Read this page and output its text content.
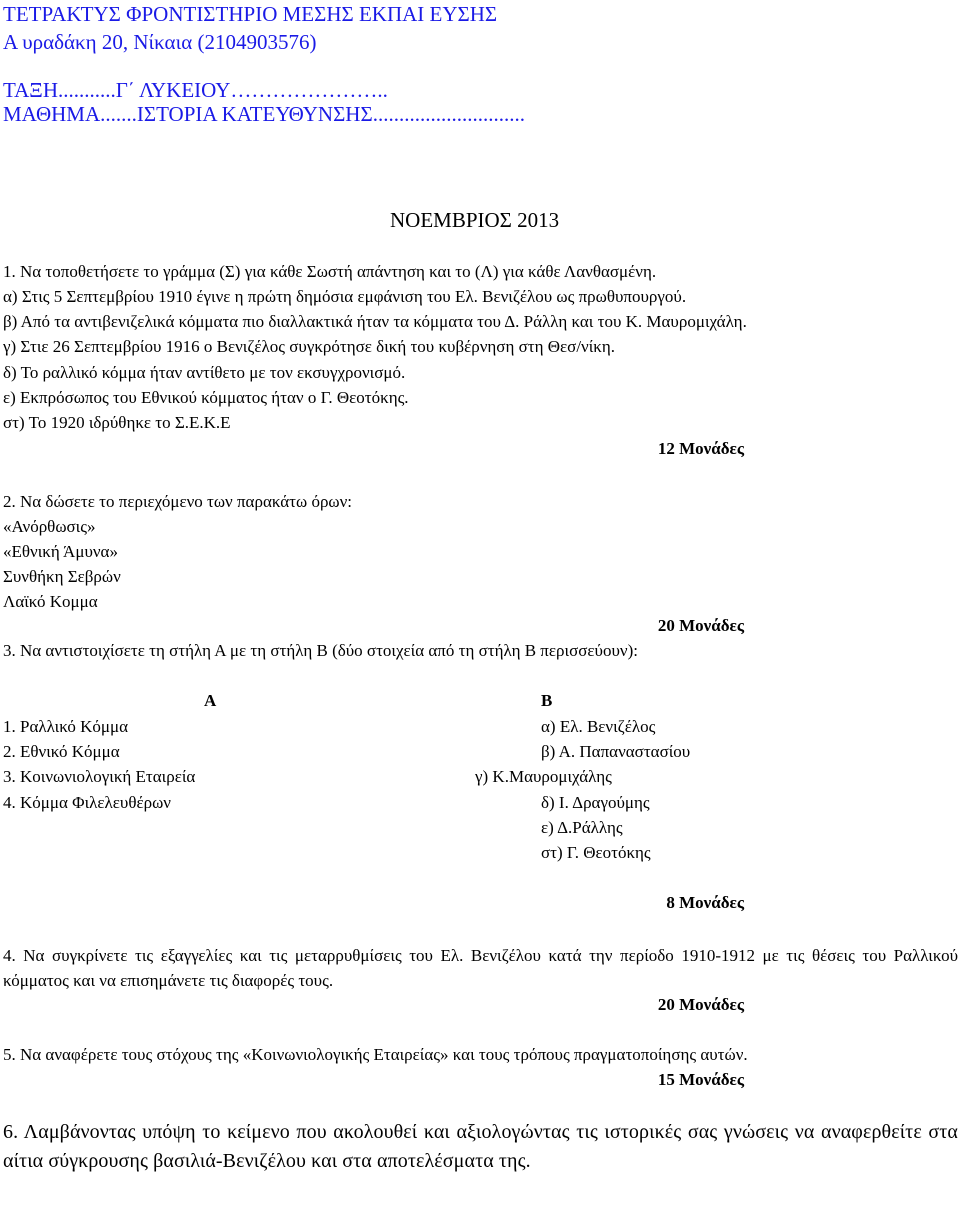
ΤΕΤΡΑΚΤΥΣ ΦΡΟΝΤΙΣΤΗΡΙΟ ΜΕΣΗΣ ΕΚΠΑΙ ΕΥΣΗΣ
Α υραδάκη 20, Νίκαια (2104903576)
ΤΑΞΗ...........Γ΄ ΛΥΚΕΙΟΥ…………………..
ΜΑΘΗΜΑ.......ΙΣΤΟΡΙΑ ΚΑΤΕΥΘΥΝΣΗΣ.............................
ΝΟΕΜΒΡΙΟΣ 2013
1. Να τοποθετήσετε το γράμμα (Σ) για κάθε Σωστή απάντηση και το (Λ) για κάθε Λανθασμένη.
α) Στις 5 Σεπτεμβρίου 1910 έγινε η πρώτη δημόσια εμφάνιση του Ελ. Βενιζέλου ως πρωθυπουργού.
β) Από τα αντιβενιζελικά κόμματα πιο διαλλακτικά ήταν τα κόμματα του Δ. Ράλλη και του Κ. Μαυρομιχάλη.
γ) Στιε 26 Σεπτεμβρίου 1916 ο Βενιζέλος συγκρότησε δική του κυβέρνηση στη Θεσ/νίκη.
δ) Το ραλλικό κόμμα ήταν αντίθετο με τον εκσυγχρονισμό.
ε) Εκπρόσωπος του Εθνικού κόμματος ήταν ο Γ. Θεοτόκης.
στ) Το 1920 ιδρύθηκε το Σ.Ε.Κ.Ε
12 Μονάδες
2. Να δώσετε το περιεχόμενο των παρακάτω όρων:
«Ανόρθωσις»
«Εθνική Άμυνα»
Συνθήκη Σεβρών
Λαϊκό Κομμα
20 Μονάδες
3. Να αντιστοιχίσετε τη στήλη Α με τη στήλη Β (δύο στοιχεία από τη στήλη Β περισσεύουν):
Α	Β
1. Ραλλικό Κόμμα
2. Εθνικό Κόμμα
3. Κοινωνιολογική Εταιρεία
4. Κόμμα Φιλελευθέρων
α) Ελ. Βενιζέλος
β) Α. Παπαναστασίου
γ) Κ.Μαυρομιχάλης
δ) Ι. Δραγούμης
ε) Δ.Ράλλης
στ) Γ. Θεοτόκης
8 Μονάδες
4. Να συγκρίνετε τις εξαγγελίες και τις μεταρρυθμίσεις του Ελ. Βενιζέλου κατά την περίοδο 1910-1912 με τις θέσεις του Ραλλικού κόμματος και να επισημάνετε τις διαφορές τους.
20 Μονάδες
5. Να αναφέρετε τους στόχους της «Κοινωνιολογικής Εταιρείας» και τους τρόπους πραγματοποίησης αυτών.
15 Μονάδες
6. Λαμβάνοντας υπόψη το κείμενο που ακολουθεί και αξιολογώντας τις ιστορικές σας γνώσεις να αναφερθείτε στα αίτια σύγκρουσης βασιλιά-Βενιζέλου και στα αποτελέσματα της.
